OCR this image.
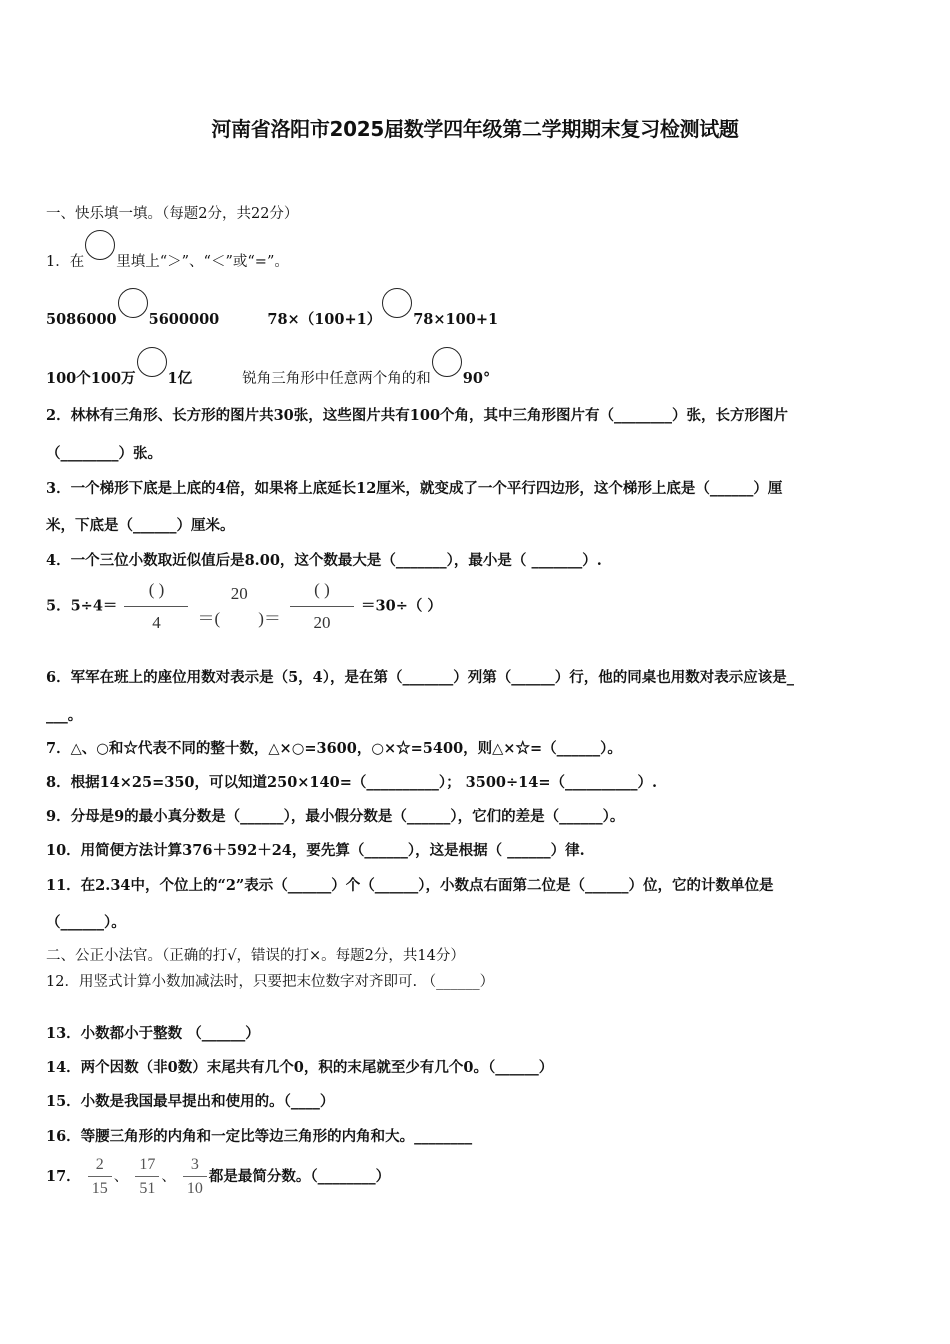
河南省洛阳市2025届数学四年级第二学期期末复习检测试题
一、快乐填一填。（每题2分，共22分）
1．在 里填上“＞”、“＜”或“=”。
5086000 5600000	78×（100+1） 78×100+1
100个100万 1亿	锐角三角形中任意两个角的和 90°
2．林林有三角形、长方形的图片共30张，这些图片共有100个角，其中三角形图片有（________）张，长方形图片
（________）张。
3．一个梯形下底是上底的4倍，如果将上底延长12厘米，就变成了一个平行四边形，这个梯形上底是（______）厘
米，下底是（______）厘米。
4．一个三位小数取近似值后是8.00，这个数最大是（_______），最小是（ _______）.
5．$5\div 4= \frac{( )}{4}$
	20
＝( )＝ $\frac{( )}{20} =30\div$（ ）
6．军军在班上的座位用数对表示是（5，4），是在第（_______）列第（______）行，他的同桌也用数对表示应该是_
___。
7．△、○和☆代表不同的整十数，△×○=3600，○×☆=5400，则△×☆=（______）。
8．根据14×25=350，可以知道250×140=（__________）； 3500÷14=（__________）.
9．分母是9的最小真分数是（______），最小假分数是（______），它们的差是（______）。
10．用简便方法计算376＋592＋24，要先算（______），这是根据（ ______）律.
11．在2.34中，个位上的“2”表示（______）个（______），小数点右面第二位是（______）位，它的计数单位是
（______）。
二、公正小法官。（正确的打√，错误的打×。每题2分，共14分）
12．用竖式计算小数加减法时，只要把末位数字对齐即可. （______）
13．小数都小于整数 （______）
14．两个因数（非0数）末尾共有几个0，积的末尾就至少有几个0。（______）
15．小数是我国最早提出和使用的。（____）
16．等腰三角形的内角和一定比等边三角形的内角和大。________
17． $\frac{2}{15}$ 、 $\frac{17}{51}$ 、 $\frac{3}{10}$ 都是最简分数。（________）
